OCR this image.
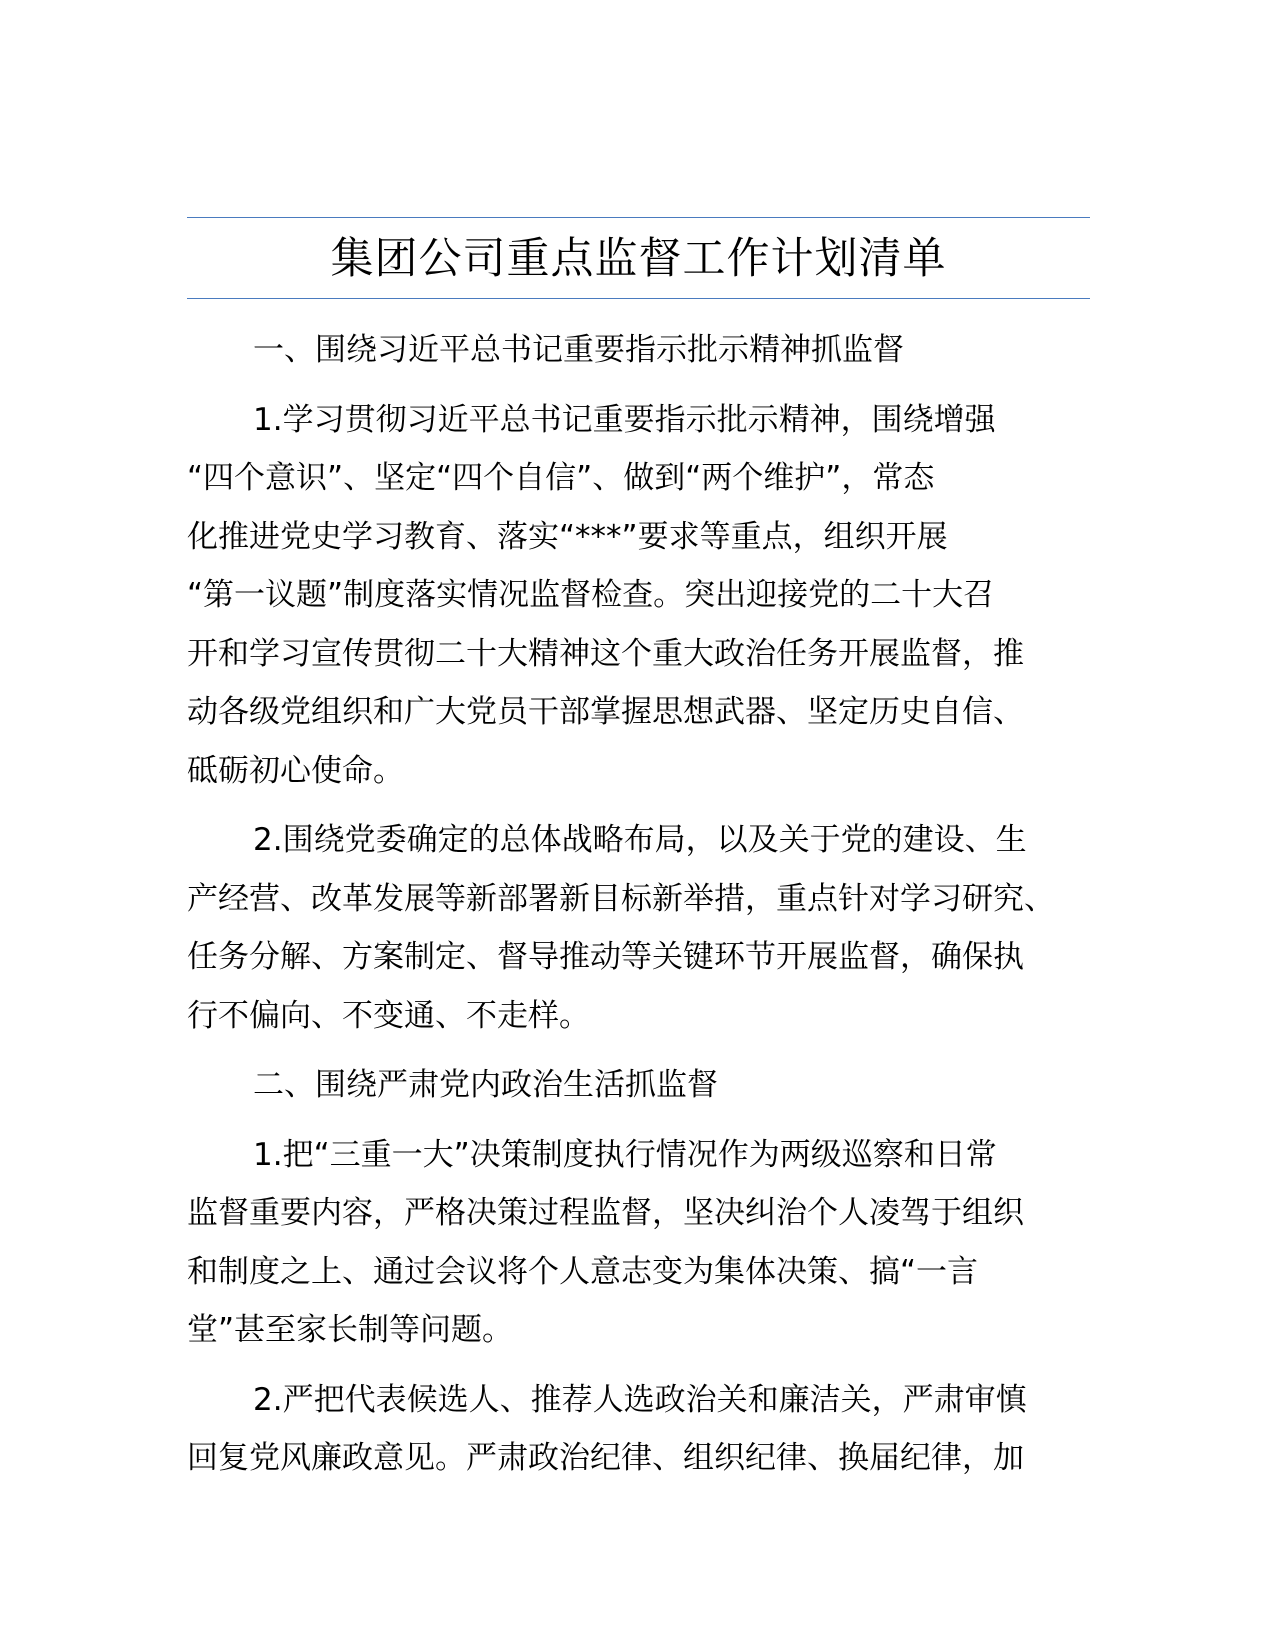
集团公司重点监督工作计划清单

一、围绕习近平总书记重要指示批示精神抓监督

1.学习贯彻习近平总书记重要指示批示精神，围绕增强
“四个意识”、坚定“四个自信”、做到“两个维护”，常态
化推进党史学习教育、落实“***”要求等重点，组织开展
“第一议题”制度落实情况监督检查。突出迎接党的二十大召
开和学习宣传贯彻二十大精神这个重大政治任务开展监督，推
动各级党组织和广大党员干部掌握思想武器、坚定历史自信、
砥砺初心使命。

2.围绕党委确定的总体战略布局，以及关于党的建设、生
产经营、改革发展等新部署新目标新举措，重点针对学习研究、
任务分解、方案制定、督导推动等关键环节开展监督，确保执
行不偏向、不变通、不走样。

二、围绕严肃党内政治生活抓监督

1.把“三重一大”决策制度执行情况作为两级巡察和日常
监督重要内容，严格决策过程监督，坚决纠治个人凌驾于组织
和制度之上、通过会议将个人意志变为集体决策、搞“一言
堂”甚至家长制等问题。

2.严把代表候选人、推荐人选政治关和廉洁关，严肃审慎
回复党风廉政意见。严肃政治纪律、组织纪律、换届纪律，加
